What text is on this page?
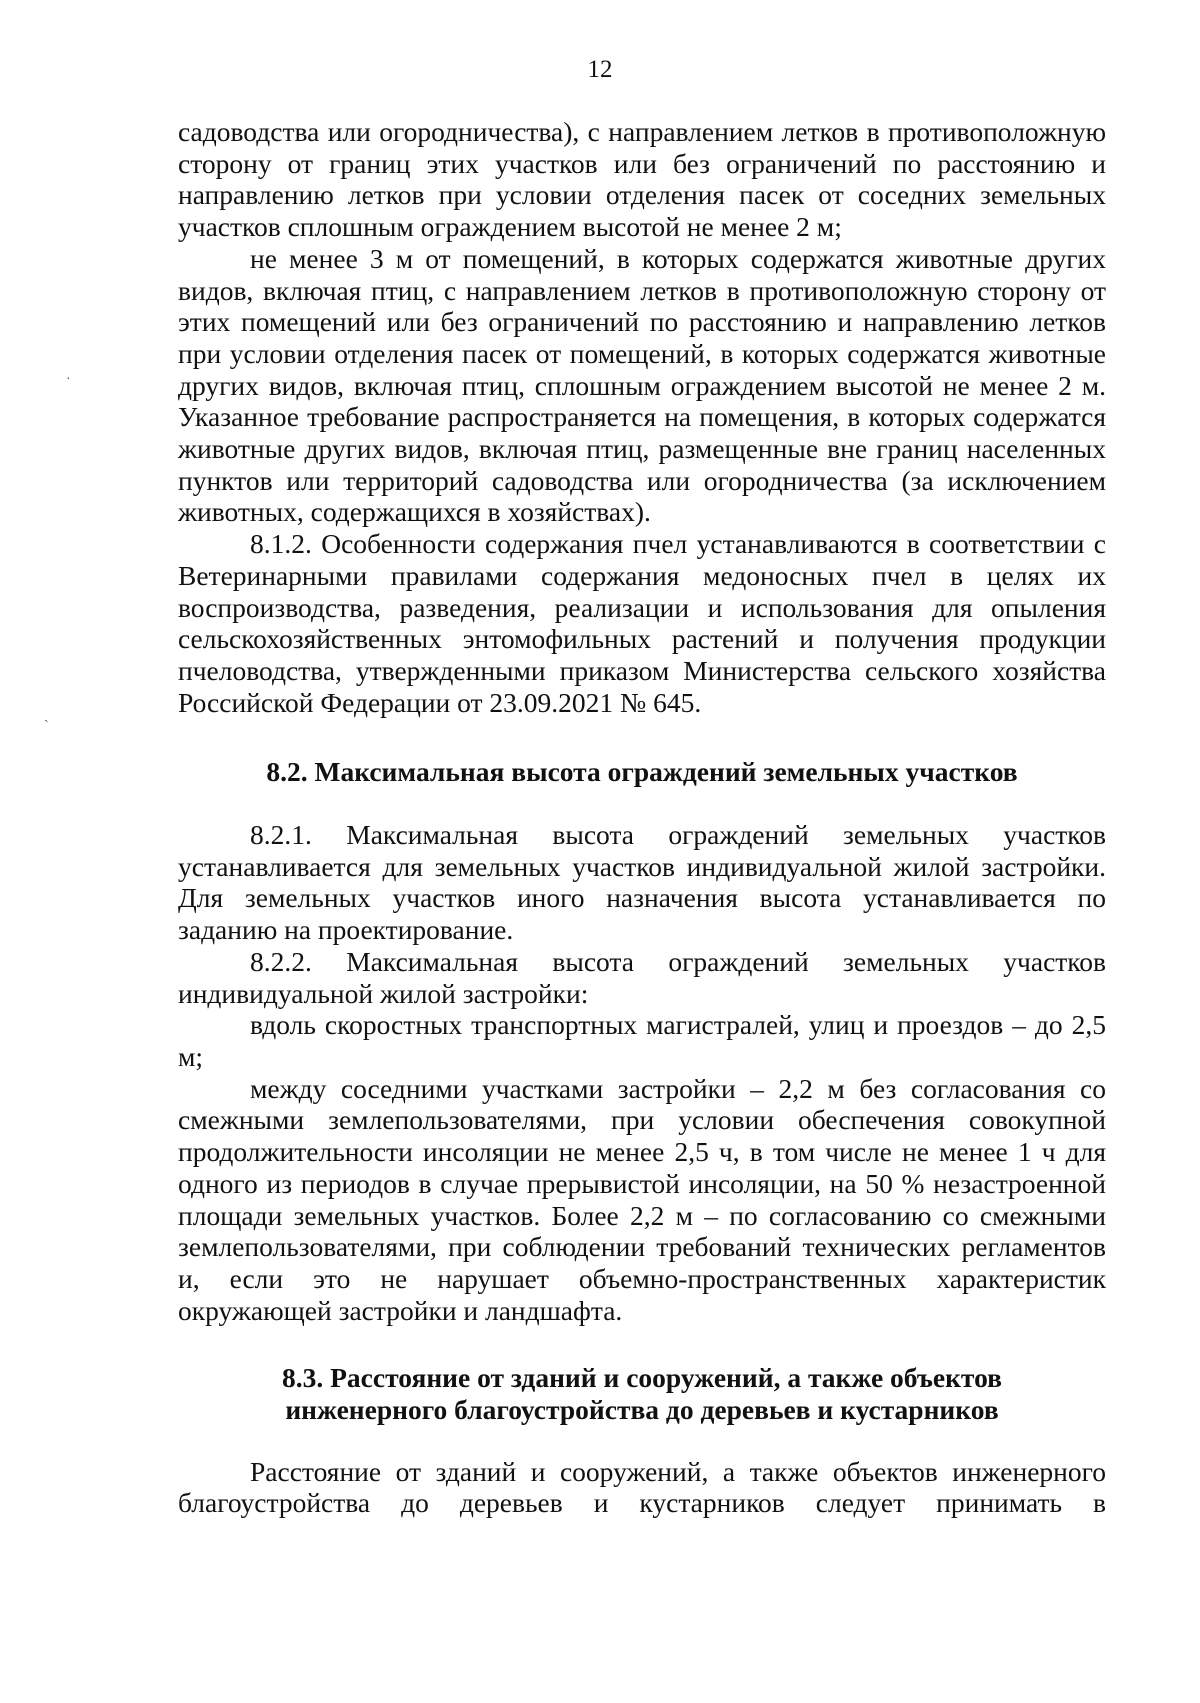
12
·
ˏ

садоводства или огородничества), с направлением летков в противоположную сторону от границ этих участков или без ограничений по расстоянию и направлению летков при условии отделения пасек от соседних земельных участков сплошным ограждением высотой не менее 2 м;

не менее 3 м от помещений, в которых содержатся животные других видов, включая птиц, с направлением летков в противоположную сторону от этих помещений или без ограничений по расстоянию и направлению летков при условии отделения пасек от помещений, в которых содержатся животные других видов, включая птиц, сплошным ограждением высотой не менее 2 м. Указанное требование распространяется на помещения, в которых содержатся животные других видов, включая птиц, размещенные вне границ населенных пунктов или территорий садоводства или огородничества (за исключением животных, содержащихся в хозяйствах).

8.1.2. Особенности содержания пчел устанавливаются в соответствии с Ветеринарными правилами содержания медоносных пчел в целях их воспроизводства, разведения, реализации и использования для опыления сельскохозяйственных энтомофильных растений и получения продукции пчеловодства, утвержденными приказом Министерства сельского хозяйства Российской Федерации от 23.09.2021 № 645.

8.2. Максимальная высота ограждений земельных участков

8.2.1. Максимальная высота ограждений земельных участков устанавливается для земельных участков индивидуальной жилой застройки. Для земельных участков иного назначения высота устанавливается по заданию на проектирование.

8.2.2. Максимальная высота ограждений земельных участков индивидуальной жилой застройки:

вдоль скоростных транспортных магистралей, улиц и проездов – до 2,5 м;

между соседними участками застройки – 2,2 м без согласования со смежными землепользователями, при условии обеспечения совокупной продолжительности инсоляции не менее 2,5 ч, в том числе не менее 1 ч для одного из периодов в случае прерывистой инсоляции, на 50 % незастроенной площади земельных участков. Более 2,2 м – по согласованию со смежными землепользователями, при соблюдении требований технических регламентов и, если это не нарушает объемно-пространственных характеристик окружающей застройки и ландшафта.

8.3. Расстояние от зданий и сооружений, а также объектов
инженерного благоустройства до деревьев и кустарников

Расстояние от зданий и сооружений, а также объектов инженерного благоустройства до деревьев и кустарников следует принимать в
